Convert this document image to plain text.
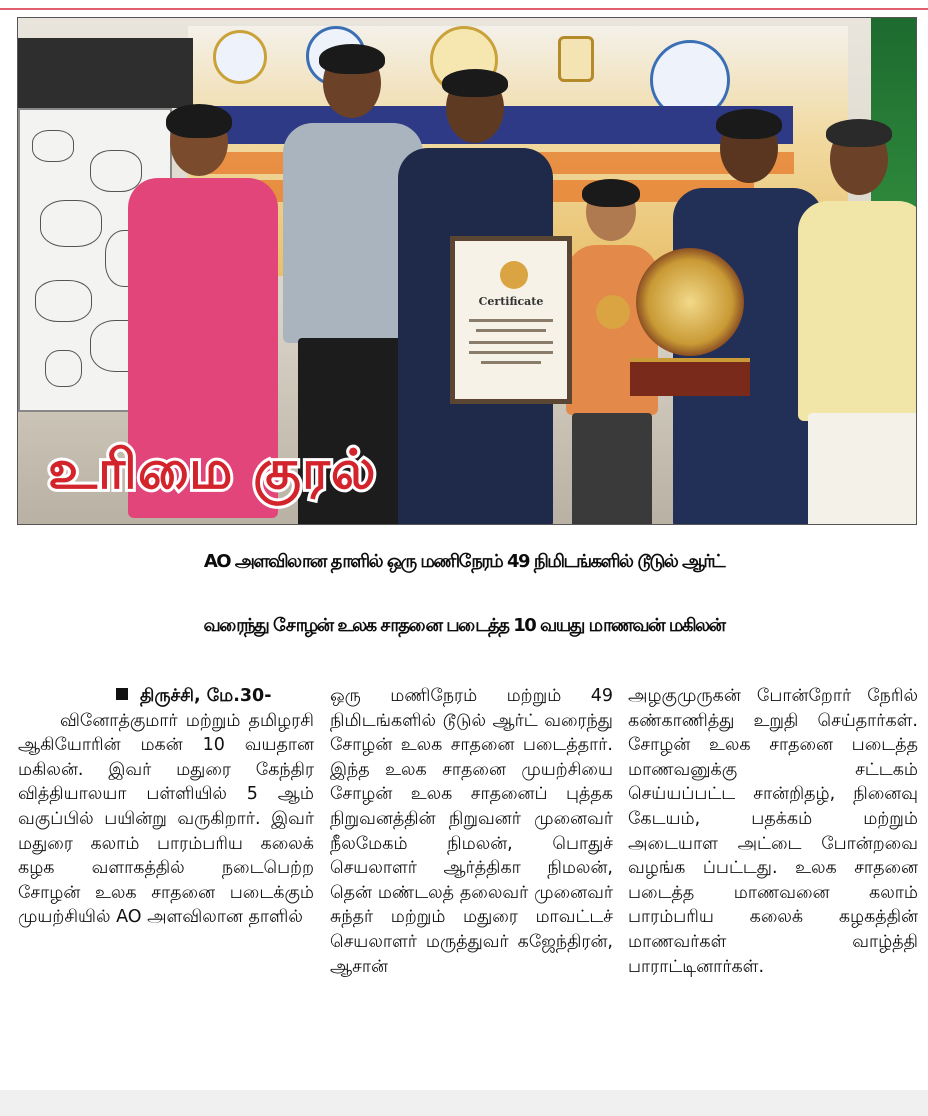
Certificate
உரிமை குரல்
AO அளவிலான தாளில் ஒரு மணிநேரம் 49 நிமிடங்களில் டூடுல் ஆர்ட்
வரைந்து சோழன் உலக சாதனை படைத்த 10 வயது மாணவன் மகிலன்

திருச்சி, மே.30-

வினோத்குமார் மற்றும் தமிழரசி ஆகியோரின் மகன் 10 வயதான மகிலன். இவர் மதுரை கேந்திர வித்தியாலயா பள்ளியில் 5 ஆம் வகுப்பில் பயின்று வருகிறார். இவர் மதுரை கலாம் பாரம்பரிய கலைக் கழக வளாகத்தில் நடைபெற்ற சோழன் உலக சாதனை படைக்கும் முயற்சியில் AO அளவிலான தாளில்

ஒரு மணிநேரம் மற்றும் 49 நிமிடங்களில் டூடுல் ஆர்ட் வரைந்து சோழன் உலக சாதனை படைத்தார். இந்த உலக சாதனை முயற்சியை சோழன் உலக சாதனைப் புத்தக நிறுவனத்தின் நிறுவனர் முனைவர் நீலமேகம் நிமலன், பொதுச் செயலாளர் ஆர்த்திகா நிமலன், தென் மண்டலத் தலைவர் முனைவர் சுந்தர் மற்றும் மதுரை மாவட்டச் செயலாளர் மருத்துவர் கஜேந்திரன், ஆசான்

அழகுமுருகன் போன்றோர் நேரில் கண்காணித்து உறுதி செய்தார்கள். சோழன் உலக சாதனை படைத்த மாணவனுக்கு சட்டகம் செய்யப்பட்ட சான்றிதழ், நினைவு கேடயம், பதக்கம் மற்றும் அடையாள அட்டை போன்றவை வழங்க ப்பட்டது. உலக சாதனை படைத்த மாணவனை கலாம் பாரம்பரிய கலைக் கழகத்தின் மாணவர்கள் வாழ்த்தி பாராட்டினார்கள்.
